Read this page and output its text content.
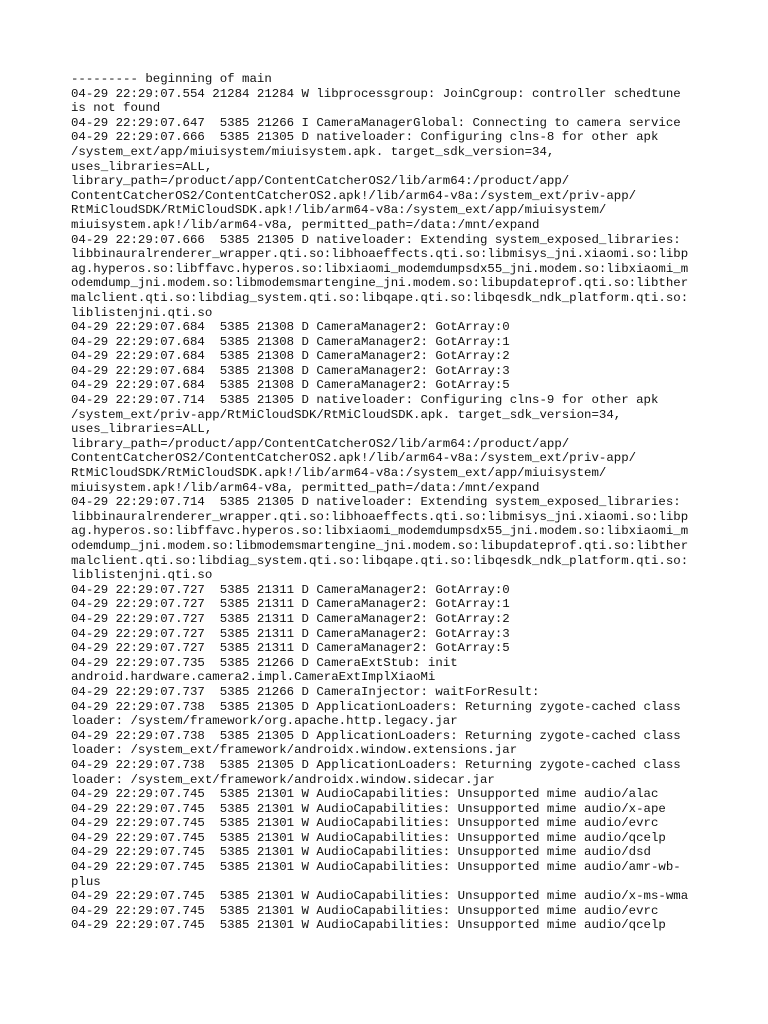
--------- beginning of main
04-29 22:29:07.554 21284 21284 W libprocessgroup: JoinCgroup: controller schedtune
is not found
04-29 22:29:07.647  5385 21266 I CameraManagerGlobal: Connecting to camera service
04-29 22:29:07.666  5385 21305 D nativeloader: Configuring clns-8 for other apk
/system_ext/app/miuisystem/miuisystem.apk. target_sdk_version=34,
uses_libraries=ALL,
library_path=/product/app/ContentCatcherOS2/lib/arm64:/product/app/
ContentCatcherOS2/ContentCatcherOS2.apk!/lib/arm64-v8a:/system_ext/priv-app/
RtMiCloudSDK/RtMiCloudSDK.apk!/lib/arm64-v8a:/system_ext/app/miuisystem/
miuisystem.apk!/lib/arm64-v8a, permitted_path=/data:/mnt/expand
04-29 22:29:07.666  5385 21305 D nativeloader: Extending system_exposed_libraries:
libbinauralrenderer_wrapper.qti.so:libhoaeffects.qti.so:libmisys_jni.xiaomi.so:libp
ag.hyperos.so:libffavc.hyperos.so:libxiaomi_modemdumpsdx55_jni.modem.so:libxiaomi_m
odemdump_jni.modem.so:libmodemsmartengine_jni.modem.so:libupdateprof.qti.so:libther
malclient.qti.so:libdiag_system.qti.so:libqape.qti.so:libqesdk_ndk_platform.qti.so:
liblistenjni.qti.so
04-29 22:29:07.684  5385 21308 D CameraManager2: GotArray:0
04-29 22:29:07.684  5385 21308 D CameraManager2: GotArray:1
04-29 22:29:07.684  5385 21308 D CameraManager2: GotArray:2
04-29 22:29:07.684  5385 21308 D CameraManager2: GotArray:3
04-29 22:29:07.684  5385 21308 D CameraManager2: GotArray:5
04-29 22:29:07.714  5385 21305 D nativeloader: Configuring clns-9 for other apk
/system_ext/priv-app/RtMiCloudSDK/RtMiCloudSDK.apk. target_sdk_version=34,
uses_libraries=ALL,
library_path=/product/app/ContentCatcherOS2/lib/arm64:/product/app/
ContentCatcherOS2/ContentCatcherOS2.apk!/lib/arm64-v8a:/system_ext/priv-app/
RtMiCloudSDK/RtMiCloudSDK.apk!/lib/arm64-v8a:/system_ext/app/miuisystem/
miuisystem.apk!/lib/arm64-v8a, permitted_path=/data:/mnt/expand
04-29 22:29:07.714  5385 21305 D nativeloader: Extending system_exposed_libraries:
libbinauralrenderer_wrapper.qti.so:libhoaeffects.qti.so:libmisys_jni.xiaomi.so:libp
ag.hyperos.so:libffavc.hyperos.so:libxiaomi_modemdumpsdx55_jni.modem.so:libxiaomi_m
odemdump_jni.modem.so:libmodemsmartengine_jni.modem.so:libupdateprof.qti.so:libther
malclient.qti.so:libdiag_system.qti.so:libqape.qti.so:libqesdk_ndk_platform.qti.so:
liblistenjni.qti.so
04-29 22:29:07.727  5385 21311 D CameraManager2: GotArray:0
04-29 22:29:07.727  5385 21311 D CameraManager2: GotArray:1
04-29 22:29:07.727  5385 21311 D CameraManager2: GotArray:2
04-29 22:29:07.727  5385 21311 D CameraManager2: GotArray:3
04-29 22:29:07.727  5385 21311 D CameraManager2: GotArray:5
04-29 22:29:07.735  5385 21266 D CameraExtStub: init
android.hardware.camera2.impl.CameraExtImplXiaoMi
04-29 22:29:07.737  5385 21266 D CameraInjector: waitForResult:
04-29 22:29:07.738  5385 21305 D ApplicationLoaders: Returning zygote-cached class
loader: /system/framework/org.apache.http.legacy.jar
04-29 22:29:07.738  5385 21305 D ApplicationLoaders: Returning zygote-cached class
loader: /system_ext/framework/androidx.window.extensions.jar
04-29 22:29:07.738  5385 21305 D ApplicationLoaders: Returning zygote-cached class
loader: /system_ext/framework/androidx.window.sidecar.jar
04-29 22:29:07.745  5385 21301 W AudioCapabilities: Unsupported mime audio/alac
04-29 22:29:07.745  5385 21301 W AudioCapabilities: Unsupported mime audio/x-ape
04-29 22:29:07.745  5385 21301 W AudioCapabilities: Unsupported mime audio/evrc
04-29 22:29:07.745  5385 21301 W AudioCapabilities: Unsupported mime audio/qcelp
04-29 22:29:07.745  5385 21301 W AudioCapabilities: Unsupported mime audio/dsd
04-29 22:29:07.745  5385 21301 W AudioCapabilities: Unsupported mime audio/amr-wb-
plus
04-29 22:29:07.745  5385 21301 W AudioCapabilities: Unsupported mime audio/x-ms-wma
04-29 22:29:07.745  5385 21301 W AudioCapabilities: Unsupported mime audio/evrc
04-29 22:29:07.745  5385 21301 W AudioCapabilities: Unsupported mime audio/qcelp
